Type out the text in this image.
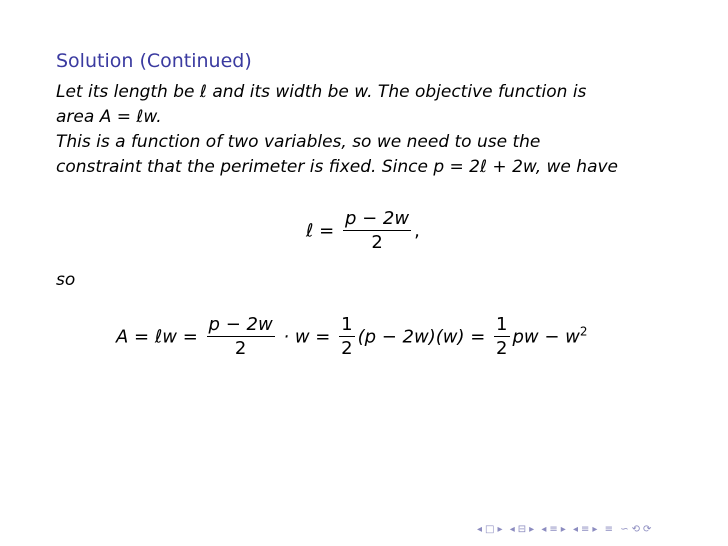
Solution (Continued)
Let its length be ℓ and its width be w. The objective function is
area A = ℓw.
This is a function of two variables, so we need to use the
constraint that the perimeter is fixed. Since p = 2ℓ + 2w, we have
ℓ = $\frac{p - 2w}{2}$ ,
so
A = ℓw = $\frac{p - 2w}{2} \cdot w = \frac{1}{2} (p - 2w)(w) = \frac{1}{2}$ pw − $w^2$
◂ □ ▸ ◂ ⊟ ▸ ◂ ≡ ▸ ◂ ≡ ▸ ≡ ∽ ⟲ ⟳
